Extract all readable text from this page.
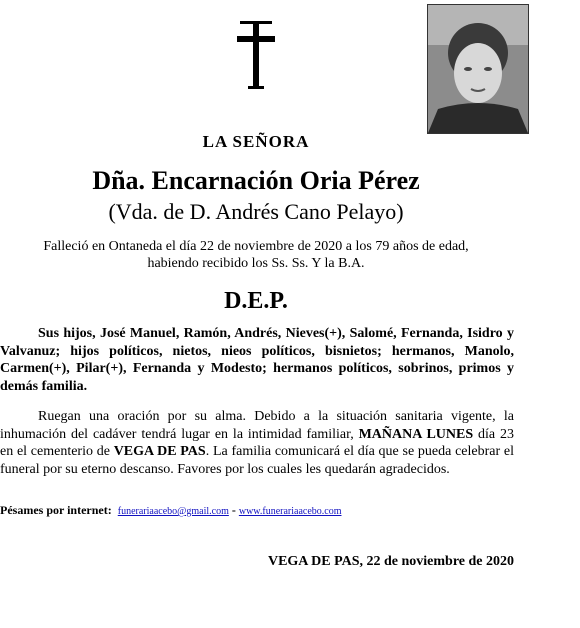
LA SEÑORA
Dña. Encarnación Oria Pérez
(Vda. de D. Andrés Cano Pelayo)
Falleció en Ontaneda el día 22 de noviembre de 2020 a los 79 años de edad,
habiendo recibido los Ss. Ss. Y la B.A.
D.E.P.
Sus hijos, José Manuel, Ramón, Andrés, Nieves(+), Salomé, Fernanda, Isidro y Valvanuz; hijos políticos, nietos, nieos políticos, bisnietos; hermanos, Manolo, Carmen(+), Pilar(+), Fernanda y Modesto; hermanos políticos, sobrinos, primos y demás familia.
Ruegan una oración por su alma. Debido a la situación sanitaria vigente, la inhumación del cadáver tendrá lugar en la intimidad familiar, MAÑANA LUNES día 23 en el cementerio de VEGA DE PAS. La familia comunicará el día que se pueda celebrar el funeral por su eterno descanso. Favores por los cuales les quedarán agradecidos.
Pésames por internet: funerariaacebo@gmail.com - www.funerariaacebo.com
VEGA DE PAS, 22 de noviembre de 2020
